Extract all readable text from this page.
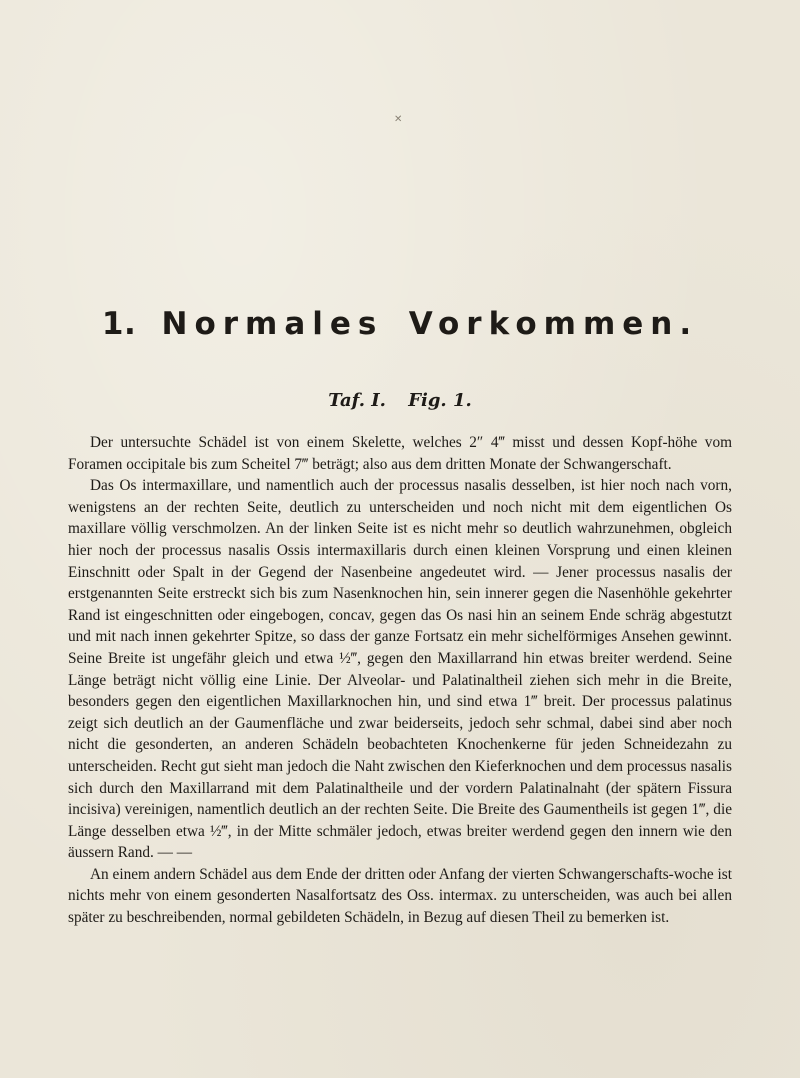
✕
1. Normales Vorkommen.
Taf. I. Fig. 1.

Der untersuchte Schädel ist von einem Skelette, welches 2″ 4‴ misst und dessen Kopf-höhe vom Foramen occipitale bis zum Scheitel 7‴ beträgt; also aus dem dritten Monate der Schwangerschaft.

Das Os intermaxillare, und namentlich auch der processus nasalis desselben, ist hier noch nach vorn, wenigstens an der rechten Seite, deutlich zu unterscheiden und noch nicht mit dem eigentlichen Os maxillare völlig verschmolzen. An der linken Seite ist es nicht mehr so deutlich wahrzunehmen, obgleich hier noch der processus nasalis Ossis intermaxillaris durch einen kleinen Vorsprung und einen kleinen Einschnitt oder Spalt in der Gegend der Nasenbeine angedeutet wird. — Jener processus nasalis der erstgenannten Seite erstreckt sich bis zum Nasenknochen hin, sein innerer gegen die Nasenhöhle gekehrter Rand ist eingeschnitten oder eingebogen, concav, gegen das Os nasi hin an seinem Ende schräg abgestutzt und mit nach innen gekehrter Spitze, so dass der ganze Fortsatz ein mehr sichelförmiges Ansehen gewinnt. Seine Breite ist ungefähr gleich und etwa ½‴, gegen den Maxillarrand hin etwas breiter werdend. Seine Länge beträgt nicht völlig eine Linie. Der Alveolar- und Palatinaltheil ziehen sich mehr in die Breite, besonders gegen den eigentlichen Maxillarknochen hin, und sind etwa 1‴ breit. Der processus palatinus zeigt sich deutlich an der Gaumenfläche und zwar beiderseits, jedoch sehr schmal, dabei sind aber noch nicht die gesonderten, an anderen Schädeln beobachteten Knochenkerne für jeden Schneidezahn zu unterscheiden. Recht gut sieht man jedoch die Naht zwischen den Kieferknochen und dem processus nasalis sich durch den Maxillarrand mit dem Palatinaltheile und der vordern Palatinalnaht (der spätern Fissura incisiva) vereinigen, namentlich deutlich an der rechten Seite. Die Breite des Gaumentheils ist gegen 1‴, die Länge desselben etwa ½‴, in der Mitte schmäler jedoch, etwas breiter werdend gegen den innern wie den äussern Rand. — —

An einem andern Schädel aus dem Ende der dritten oder Anfang der vierten Schwangerschafts-woche ist nichts mehr von einem gesonderten Nasalfortsatz des Oss. intermax. zu unterscheiden, was auch bei allen später zu beschreibenden, normal gebildeten Schädeln, in Bezug auf diesen Theil zu bemerken ist.
